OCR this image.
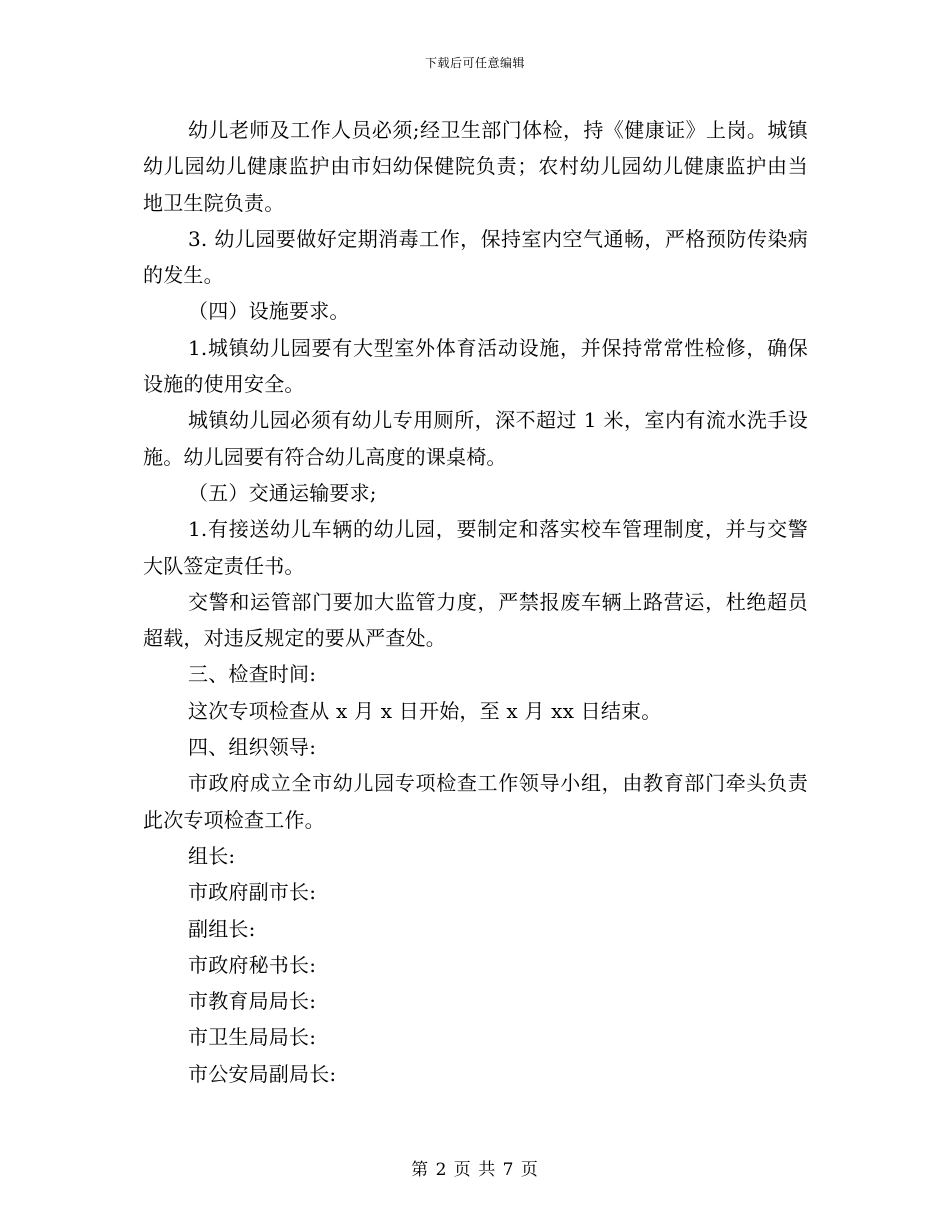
下载后可任意编辑

幼儿老师及工作人员必须;经卫生部门体检，持《健康证》上岗。城镇幼儿园幼儿健康监护由市妇幼保健院负责；农村幼儿园幼儿健康监护由当地卫生院负责。

3. 幼儿园要做好定期消毒工作，保持室内空气通畅，严格预防传染病的发生。

（四）设施要求。

1.城镇幼儿园要有大型室外体育活动设施，并保持常常性检修，确保设施的使用安全。

城镇幼儿园必须有幼儿专用厕所，深不超过 1 米，室内有流水洗手设施。幼儿园要有符合幼儿高度的课桌椅。

（五）交通运输要求;

1.有接送幼儿车辆的幼儿园，要制定和落实校车管理制度，并与交警大队签定责任书。

交警和运管部门要加大监管力度，严禁报废车辆上路营运，杜绝超员超载，对违反规定的要从严查处。

三、检查时间:

这次专项检查从 x 月 x 日开始，至 x 月 xx 日结束。

四、组织领导:

市政府成立全市幼儿园专项检查工作领导小组，由教育部门牵头负责此次专项检查工作。

组长:

市政府副市长:

副组长:

市政府秘书长:

市教育局局长:

市卫生局局长:

市公安局副局长:

第 2 页 共 7 页
